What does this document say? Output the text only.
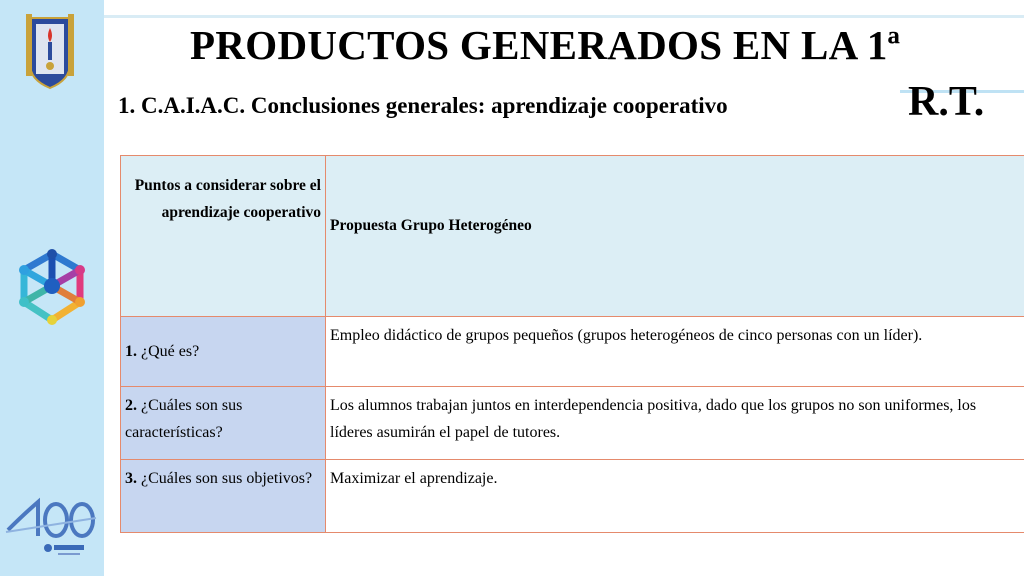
PRODUCTOS GENERADOS EN LA 1ª
R.T.
1. C.A.I.A.C. Conclusiones generales: aprendizaje cooperativo
Puntos a considerar sobre el aprendizaje cooperativo	Propuesta Grupo Heterogéneo
1. ¿Qué es?	Empleo didáctico de grupos pequeños (grupos heterogéneos de cinco personas con un líder).
2. ¿Cuáles son sus características?	Los alumnos trabajan juntos en interdependencia positiva, dado que los grupos no son uniformes, los líderes asumirán el papel de tutores.
3. ¿Cuáles son sus objetivos?	Maximizar el aprendizaje.
